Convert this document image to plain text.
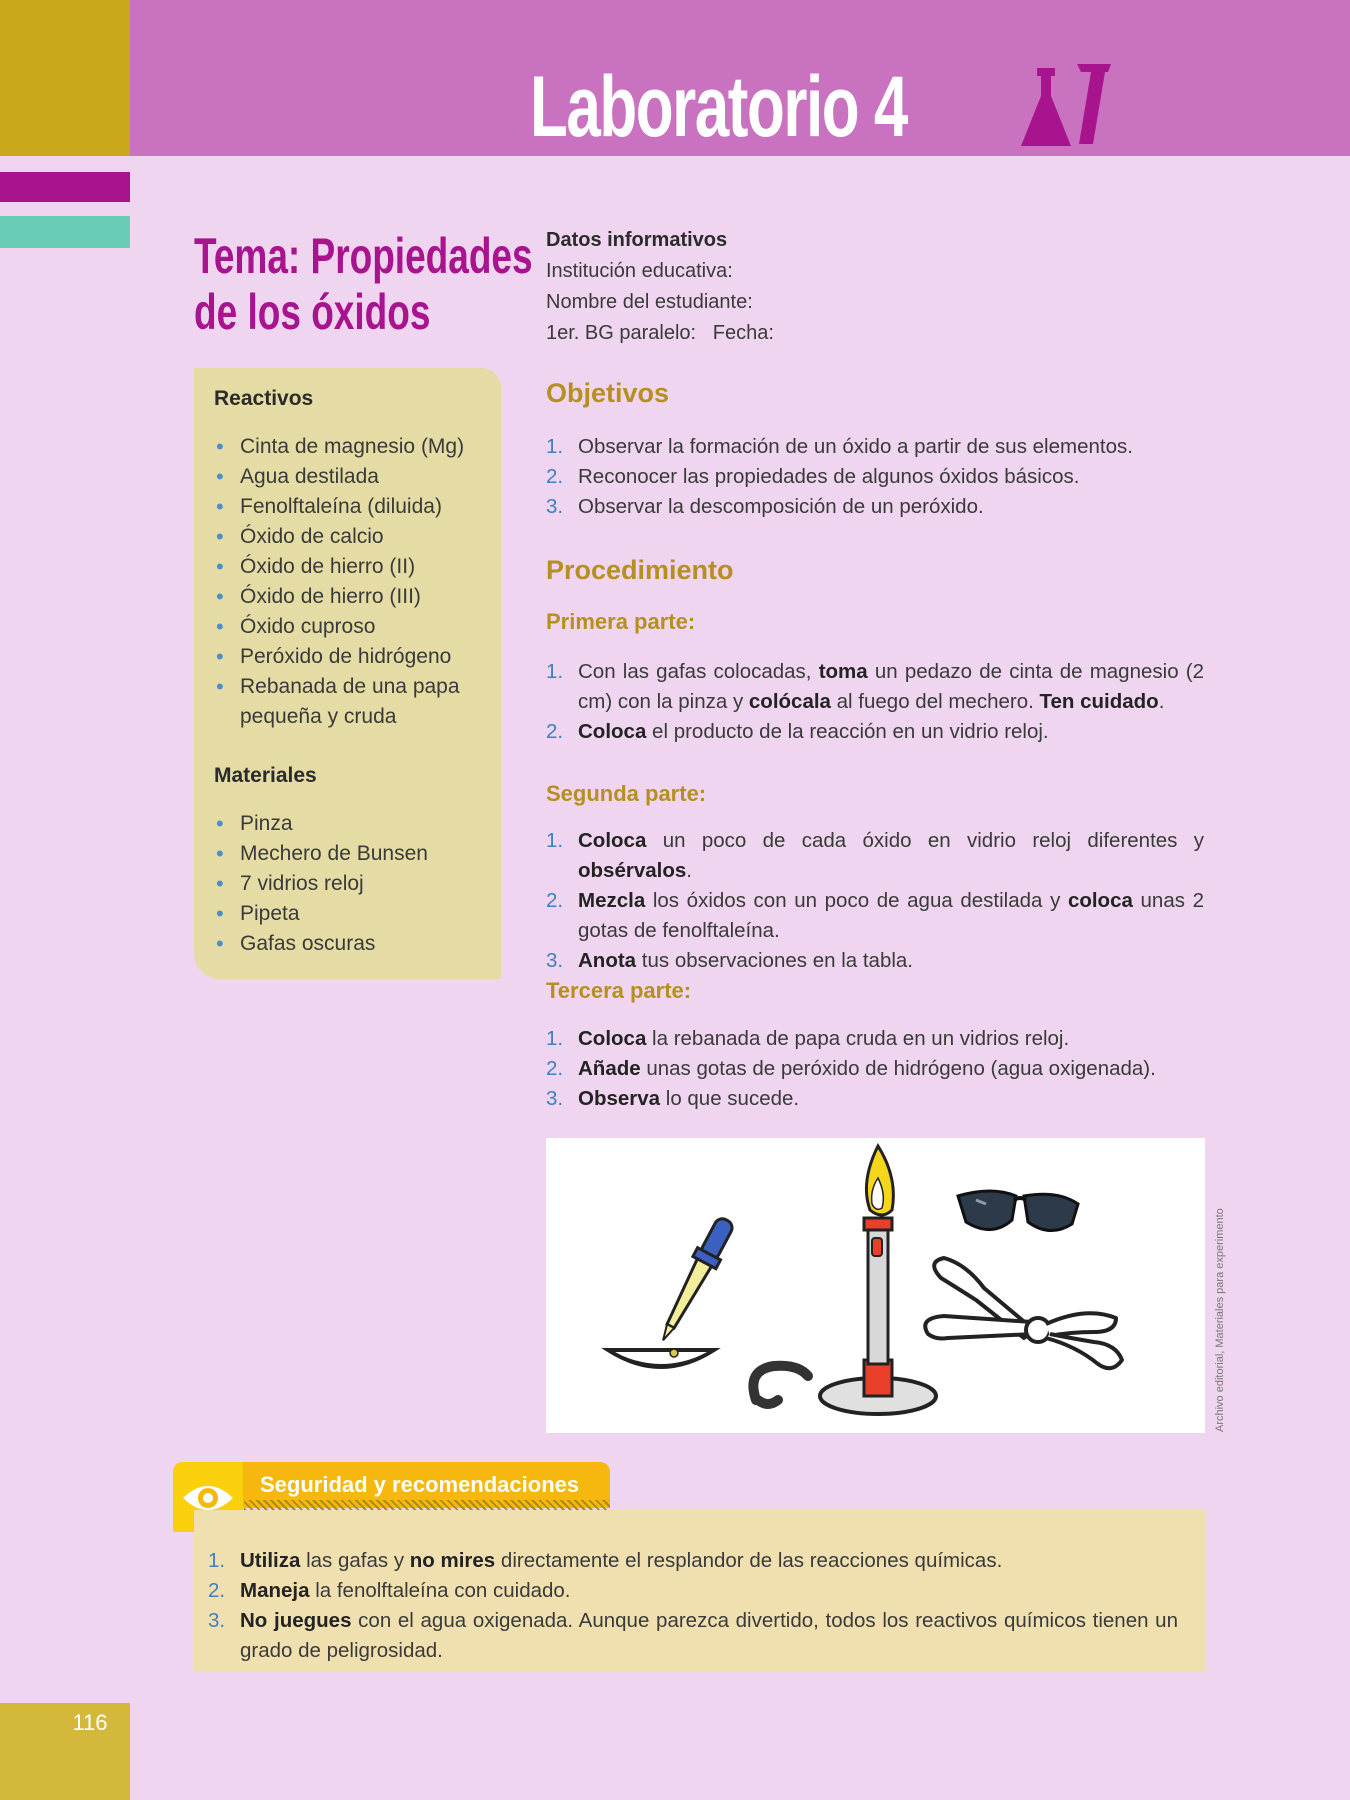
116
Laboratorio 4
Tema: Propiedades
de los óxidos
Reactivos
• Cinta de magnesio (Mg)
• Agua destilada
• Fenolftaleína (diluida)
• Óxido de calcio
• Óxido de hierro (II)
• Óxido de hierro (III)
• Óxido cuproso
• Peróxido de hidrógeno
• Rebanada de una papa pequeña y cruda
Materiales
• Pinza
• Mechero de Bunsen
• 7 vidrios reloj
• Pipeta
• Gafas oscuras
Datos informativos
Institución educativa:
Nombre del estudiante:
1er. BG paralelo: Fecha:
Objetivos
1. Observar la formación de un óxido a partir de sus elementos.
2. Reconocer las propiedades de algunos óxidos básicos.
3. Observar la descomposición de un peróxido.
Procedimiento
Primera parte:
1. Con las gafas colocadas, toma un pedazo de cinta de magnesio (2 cm) con la pinza y colócala al fuego del mechero. Ten cuidado.
2. Coloca el producto de la reacción en un vidrio reloj.
Segunda parte:
1. Coloca un poco de cada óxido en vidrio reloj diferentes y obsérvalos.
2. Mezcla los óxidos con un poco de agua destilada y coloca unas 2 gotas de fenolftaleína.
3. Anota tus observaciones en la tabla.
Tercera parte:
1. Coloca la rebanada de papa cruda en un vidrios reloj.
2. Añade unas gotas de peróxido de hidrógeno (agua oxigenada).
3. Observa lo que sucede.
Archivo editorial, Materiales para experimento
Seguridad y recomendaciones
1. Utiliza las gafas y no mires directamente el resplandor de las reacciones químicas.
2. Maneja la fenolftaleína con cuidado.
3. No juegues con el agua oxigenada. Aunque parezca divertido, todos los reactivos químicos tienen un grado de peligrosidad.
